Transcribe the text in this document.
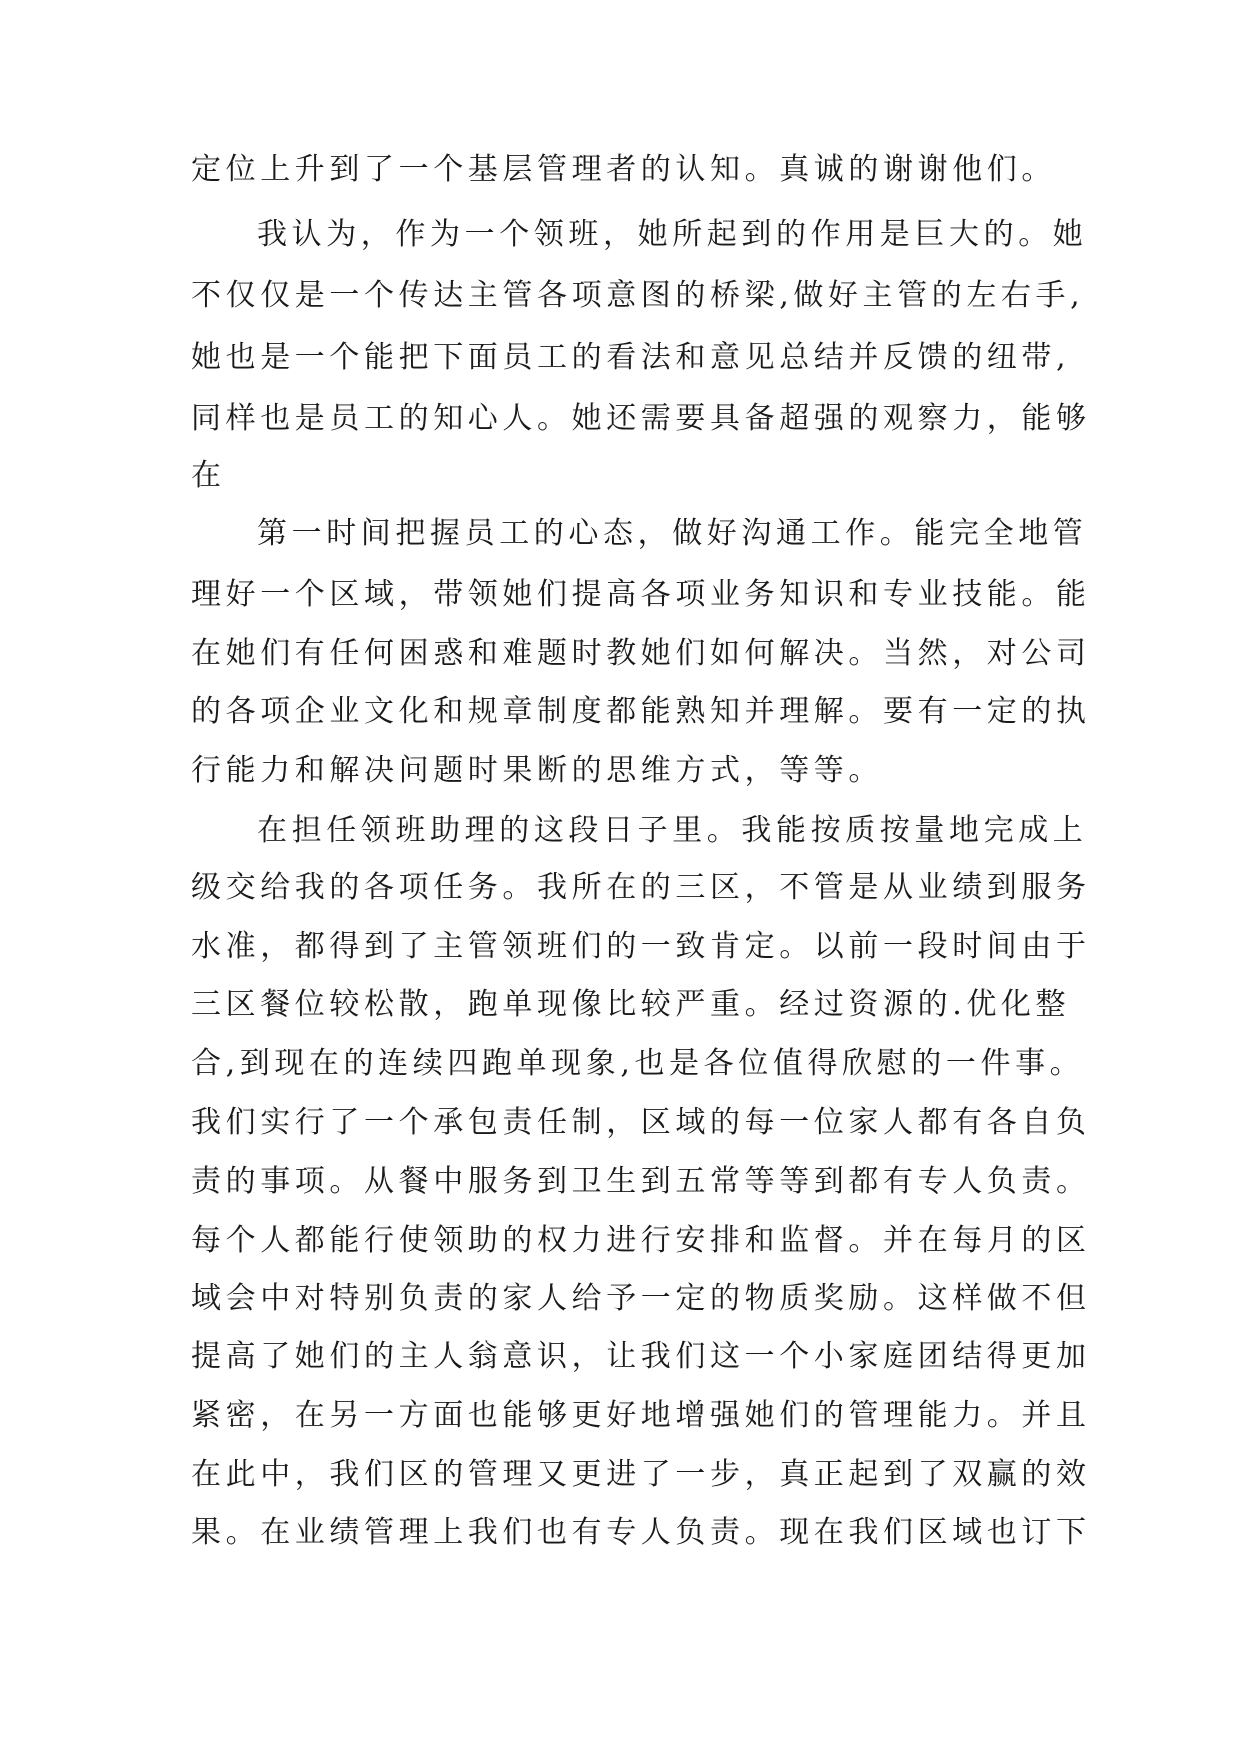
定位上升到了一个基层管理者的认知。真诚的谢谢他们。
我认为，作为一个领班，她所起到的作用是巨大的。她
不仅仅是一个传达主管各项意图的桥梁,做好主管的左右手,
她也是一个能把下面员工的看法和意见总结并反馈的纽带,
同样也是员工的知心人。她还需要具备超强的观察力，能够
在
第一时间把握员工的心态，做好沟通工作。能完全地管
理好一个区域，带领她们提高各项业务知识和专业技能。能
在她们有任何困惑和难题时教她们如何解决。当然，对公司
的各项企业文化和规章制度都能熟知并理解。要有一定的执
行能力和解决问题时果断的思维方式，等等。
在担任领班助理的这段日子里。我能按质按量地完成上
级交给我的各项任务。我所在的三区，不管是从业绩到服务
水准，都得到了主管领班们的一致肯定。以前一段时间由于
三区餐位较松散，跑单现像比较严重。经过资源的.优化整
合,到现在的连续四跑单现象,也是各位值得欣慰的一件事。
我们实行了一个承包责任制，区域的每一位家人都有各自负
责的事项。从餐中服务到卫生到五常等等到都有专人负责。
每个人都能行使领助的权力进行安排和监督。并在每月的区
域会中对特别负责的家人给予一定的物质奖励。这样做不但
提高了她们的主人翁意识，让我们这一个小家庭团结得更加
紧密，在另一方面也能够更好地增强她们的管理能力。并且
在此中，我们区的管理又更进了一步，真正起到了双赢的效
果。在业绩管理上我们也有专人负责。现在我们区域也订下
